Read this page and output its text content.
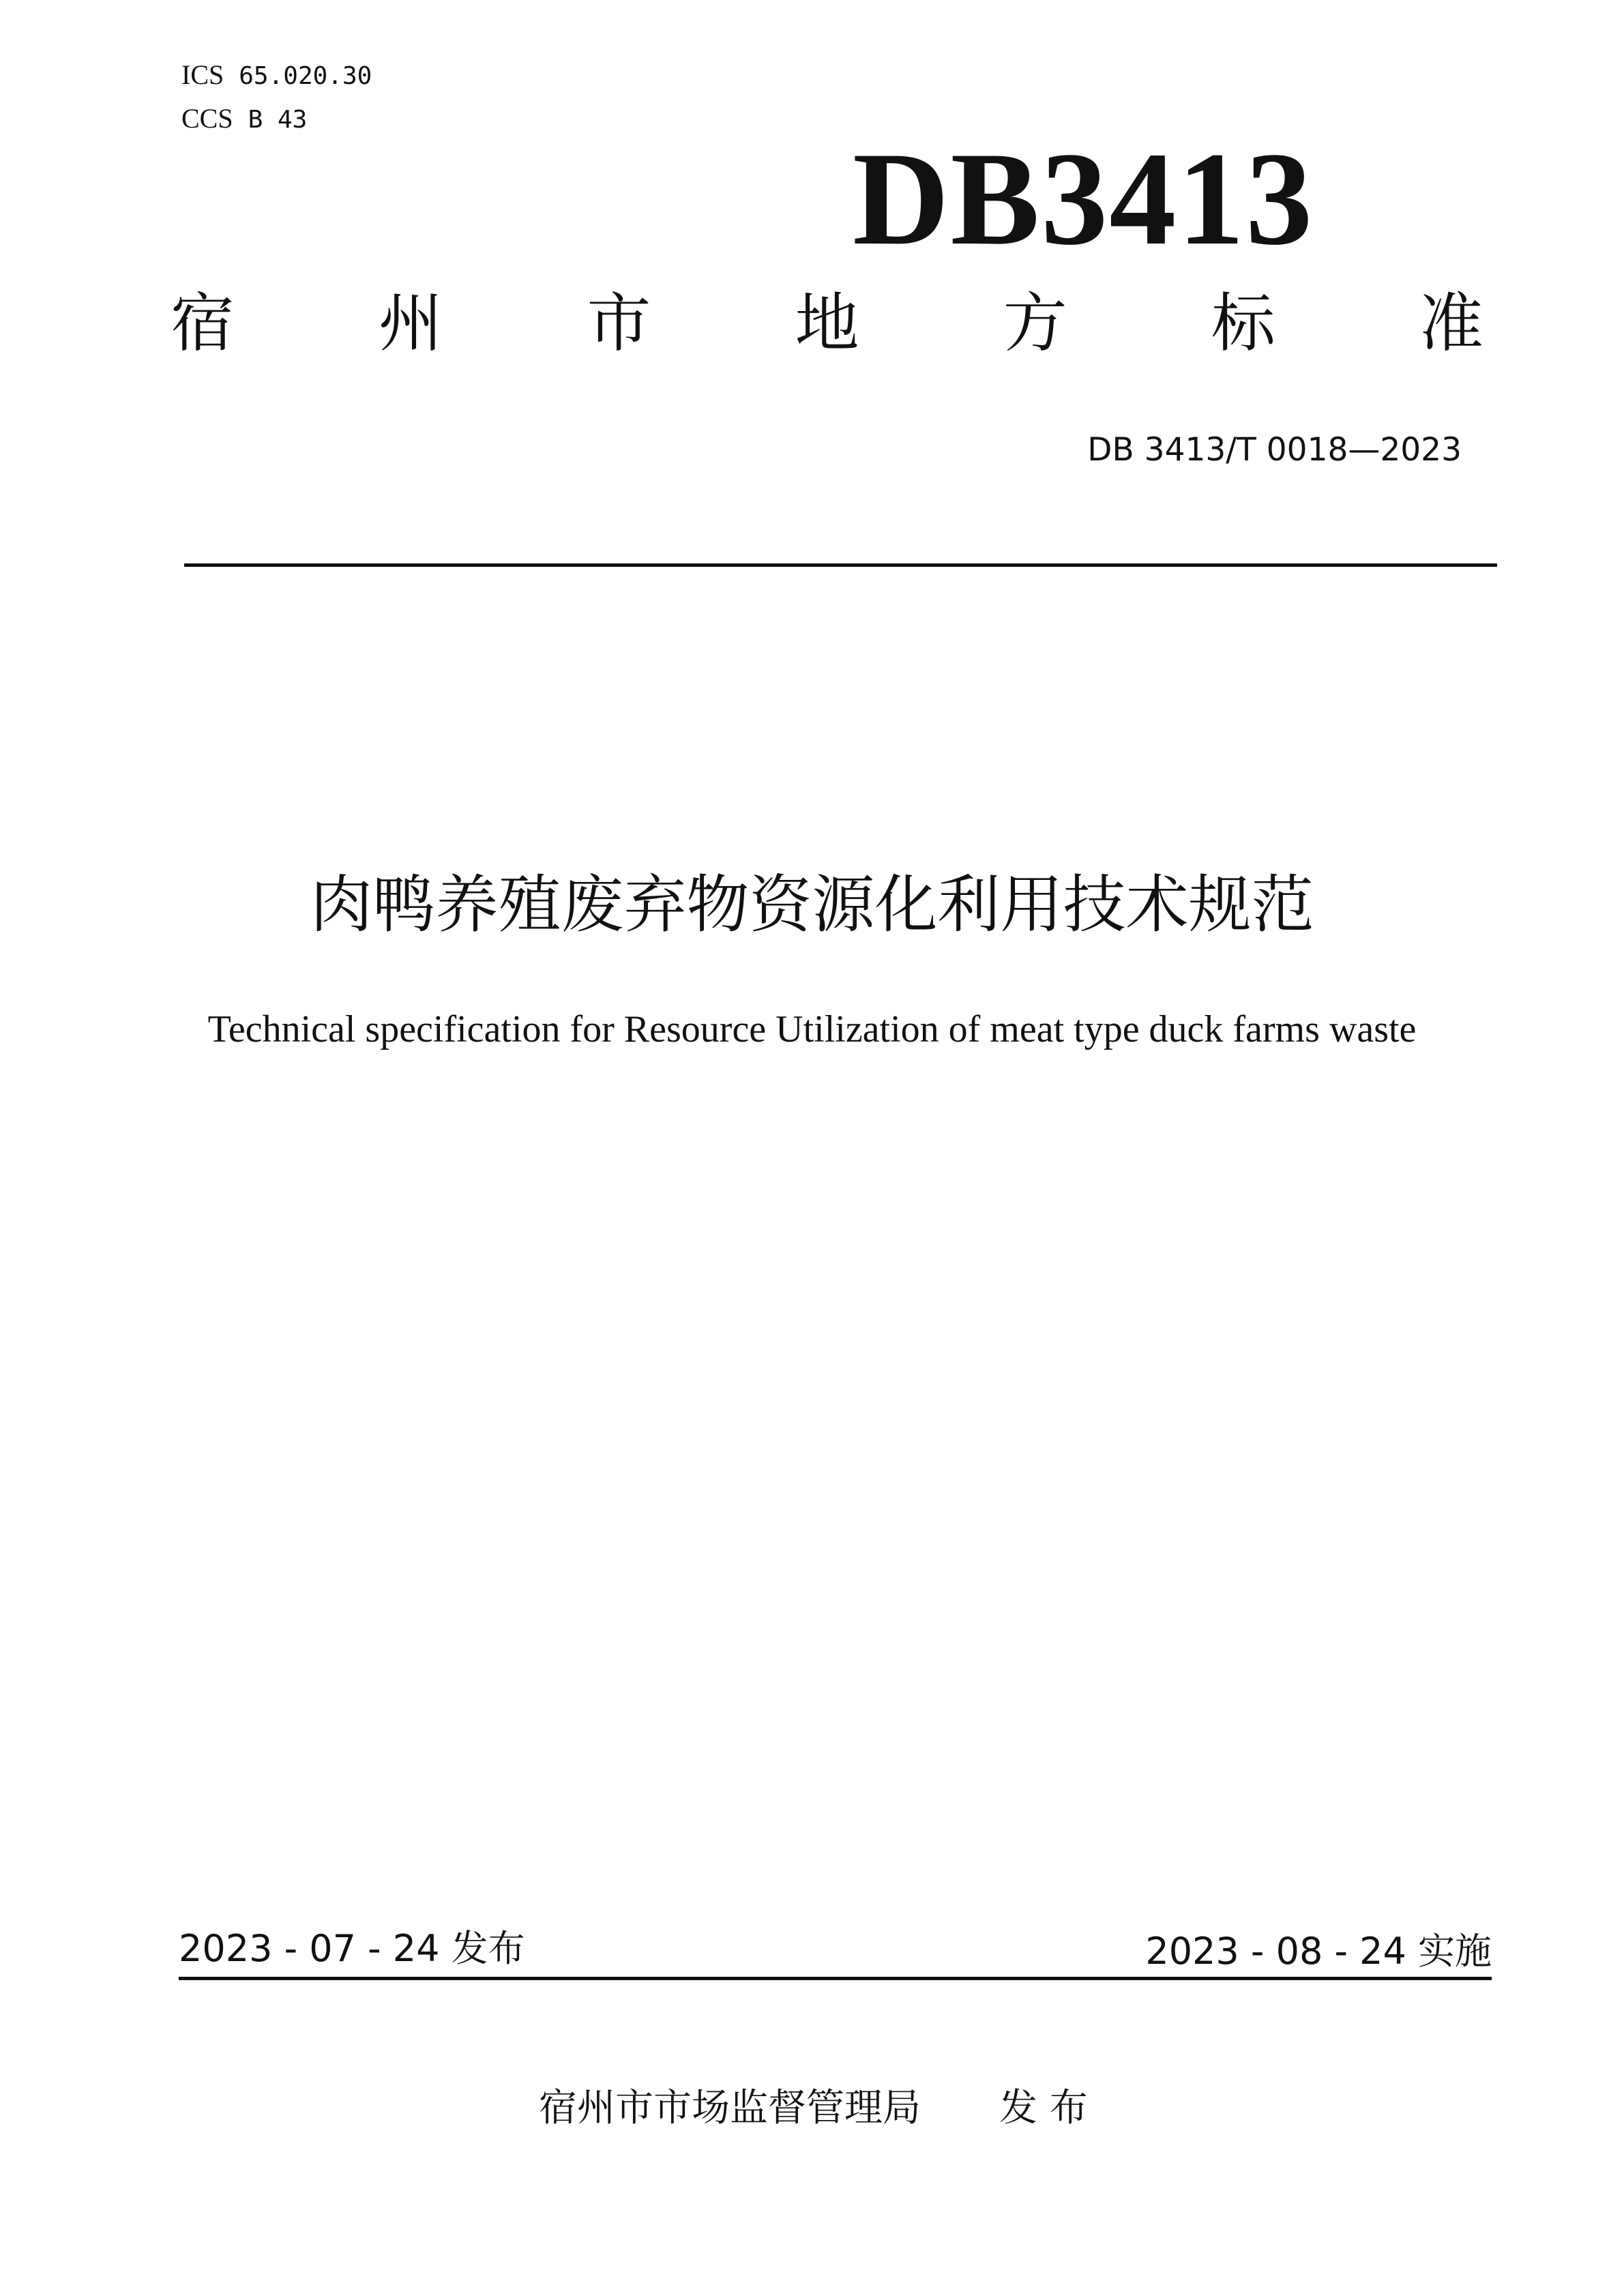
ICS 65.020.30
CCS B 43
DB3413
宿 州 市 地 方 标 准
DB 3413/T 0018—2023
肉鸭养殖废弃物资源化利用技术规范
Technical specification for Resource Utilization of meat type duck farms waste
2023 - 07 - 24 发布	2023 - 08 - 24 实施
宿州市市场监督管理局 发 布
